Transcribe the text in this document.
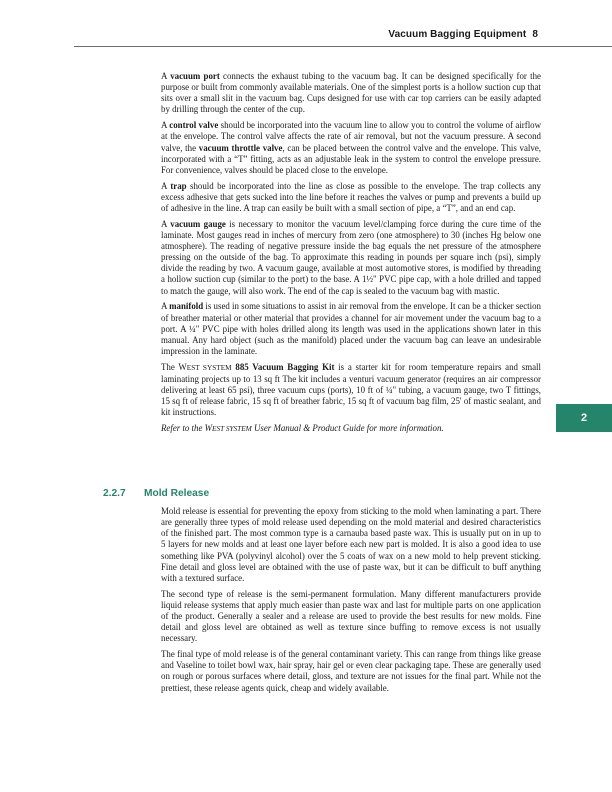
Vacuum Bagging Equipment 8

A vacuum port connects the exhaust tubing to the vacuum bag. It can be designed specifically for the purpose or built from commonly available materials. One of the simplest ports is a hollow suction cup that sits over a small slit in the vacuum bag. Cups designed for use with car top carriers can be easily adapted by drilling through the center of the cup.

A control valve should be incorporated into the vacuum line to allow you to control the volume of airflow at the envelope. The control valve affects the rate of air removal, but not the vacuum pressure. A second valve, the vacuum throttle valve, can be placed between the control valve and the envelope. This valve, incorporated with a “T” fitting, acts as an adjustable leak in the system to control the envelope pressure. For convenience, valves should be placed close to the envelope.

A trap should be incorporated into the line as close as possible to the envelope. The trap collects any excess adhesive that gets sucked into the line before it reaches the valves or pump and prevents a build up of adhesive in the line. A trap can easily be built with a small section of pipe, a “T”, and an end cap.

A vacuum gauge is necessary to monitor the vacuum level/clamping force during the cure time of the laminate. Most gauges read in inches of mercury from zero (one atmosphere) to 30 (inches Hg below one atmosphere). The reading of negative pressure inside the bag equals the net pressure of the atmosphere pressing on the outside of the bag. To approximate this reading in pounds per square inch (psi), simply divide the reading by two. A vacuum gauge, available at most automotive stores, is modified by threading a hollow suction cup (similar to the port) to the base. A 1½" PVC pipe cap, with a hole drilled and tapped to match the gauge, will also work. The end of the cap is sealed to the vacuum bag with mastic.

A manifold is used in some situations to assist in air removal from the envelope. It can be a thicker section of breather material or other material that provides a channel for air movement under the vacuum bag to a port. A ¼" PVC pipe with holes drilled along its length was used in the applications shown later in this manual. Any hard object (such as the manifold) placed under the vacuum bag can leave an undesirable impression in the laminate.

The WEST SYSTEM 885 Vacuum Bagging Kit is a starter kit for room temperature repairs and small laminating projects up to 13 sq ft The kit includes a venturi vacuum generator (requires an air compressor delivering at least 65 psi), three vacuum cups (ports), 10 ft of ¼" tubing, a vacuum gauge, two T fittings, 15 sq ft of release fabric, 15 sq ft of breather fabric, 15 sq ft of vacuum bag film, 25' of mastic sealant, and kit instructions.

Refer to the WEST SYSTEM User Manual & Product Guide for more information.

2.2.7 Mold Release

Mold release is essential for preventing the epoxy from sticking to the mold when laminating a part. There are generally three types of mold release used depending on the mold material and desired characteristics of the finished part. The most common type is a carnauba based paste wax. This is usually put on in up to 5 layers for new molds and at least one layer before each new part is molded. It is also a good idea to use something like PVA (polyvinyl alcohol) over the 5 coats of wax on a new mold to help prevent sticking. Fine detail and gloss level are obtained with the use of paste wax, but it can be difficult to buff anything with a textured surface.

The second type of release is the semi-permanent formulation. Many different manufacturers provide liquid release systems that apply much easier than paste wax and last for multiple parts on one application of the product. Generally a sealer and a release are used to provide the best results for new molds. Fine detail and gloss level are obtained as well as texture since buffing to remove excess is not usually necessary.

The final type of mold release is of the general contaminant variety. This can range from things like grease and Vaseline to toilet bowl wax, hair spray, hair gel or even clear packaging tape. These are generally used on rough or porous surfaces where detail, gloss, and texture are not issues for the final part. While not the prettiest, these release agents quick, cheap and widely available.

2
